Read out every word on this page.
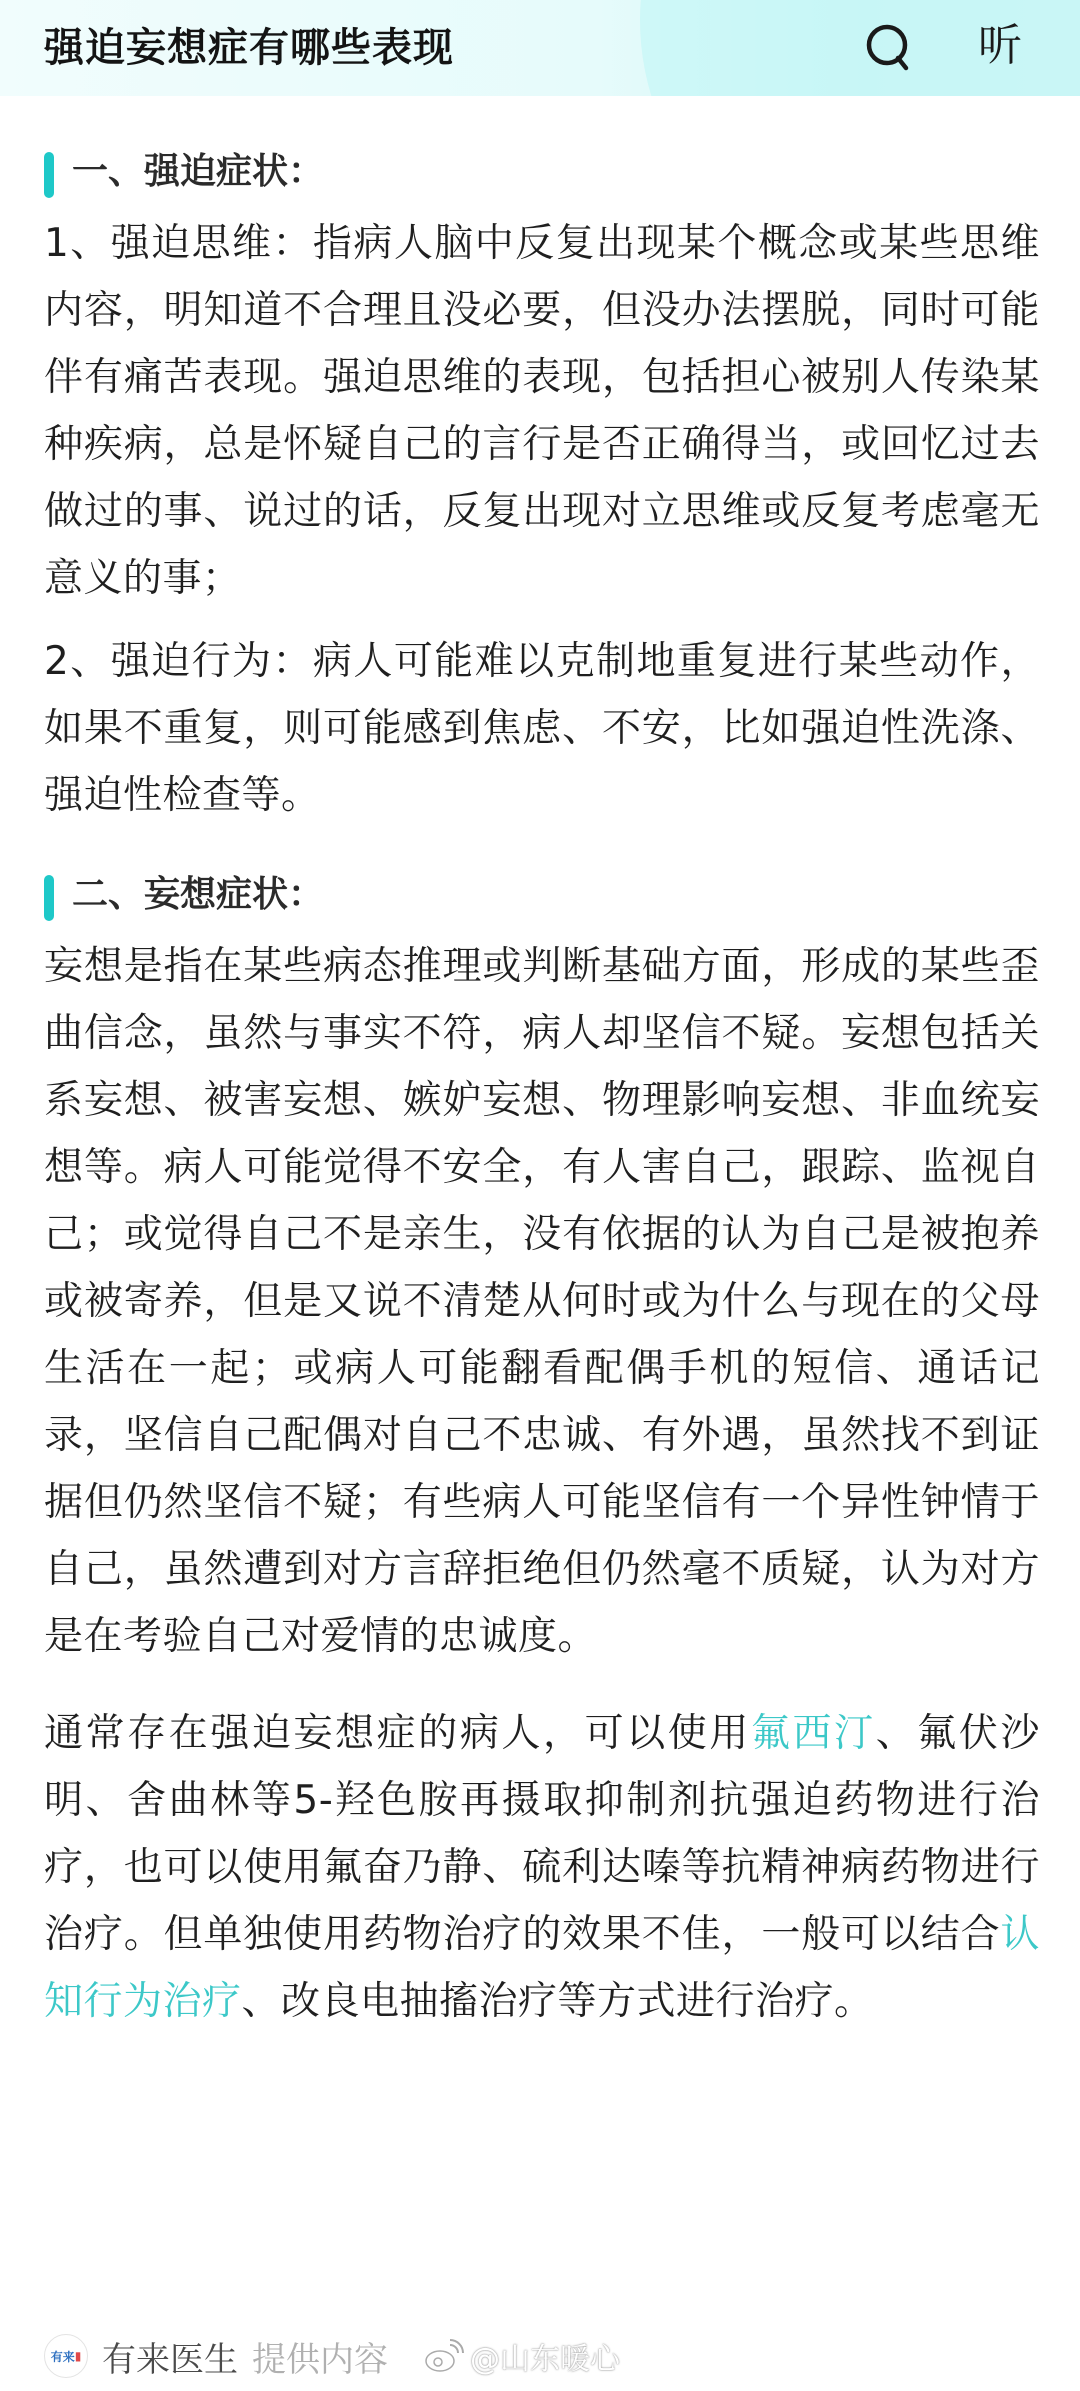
强迫妄想症有哪些表现	听
一、强迫症状：

1、强迫思维：指病人脑中反复出现某个概念或某些思维内容，明知道不合理且没必要，但没办法摆脱，同时可能伴有痛苦表现。强迫思维的表现，包括担心被别人传染某种疾病，总是怀疑自己的言行是否正确得当，或回忆过去做过的事、说过的话，反复出现对立思维或反复考虑毫无意义的事；

2、强迫行为：病人可能难以克制地重复进行某些动作，如果不重复，则可能感到焦虑、不安，比如强迫性洗涤、强迫性检查等。

二、妄想症状：

妄想是指在某些病态推理或判断基础方面，形成的某些歪曲信念，虽然与事实不符，病人却坚信不疑。妄想包括关系妄想、被害妄想、嫉妒妄想、物理影响妄想、非血统妄想等。病人可能觉得不安全，有人害自己，跟踪、监视自己；或觉得自己不是亲生，没有依据的认为自己是被抱养或被寄养，但是又说不清楚从何时或为什么与现在的父母生活在一起；或病人可能翻看配偶手机的短信、通话记录，坚信自己配偶对自己不忠诚、有外遇，虽然找不到证据但仍然坚信不疑；有些病人可能坚信有一个异性钟情于自己，虽然遭到对方言辞拒绝但仍然毫不质疑，认为对方是在考验自己对爱情的忠诚度。

通常存在强迫妄想症的病人，可以使用氟西汀、氟伏沙明、舍曲林等5-羟色胺再摄取抑制剂抗强迫药物进行治疗，也可以使用氟奋乃静、硫利达嗪等抗精神病药物进行治疗。但单独使用药物治疗的效果不佳，一般可以结合认知行为治疗、改良电抽搐治疗等方式进行治疗。

有来 ▮ 有来医生 提供内容	@山东暖心
